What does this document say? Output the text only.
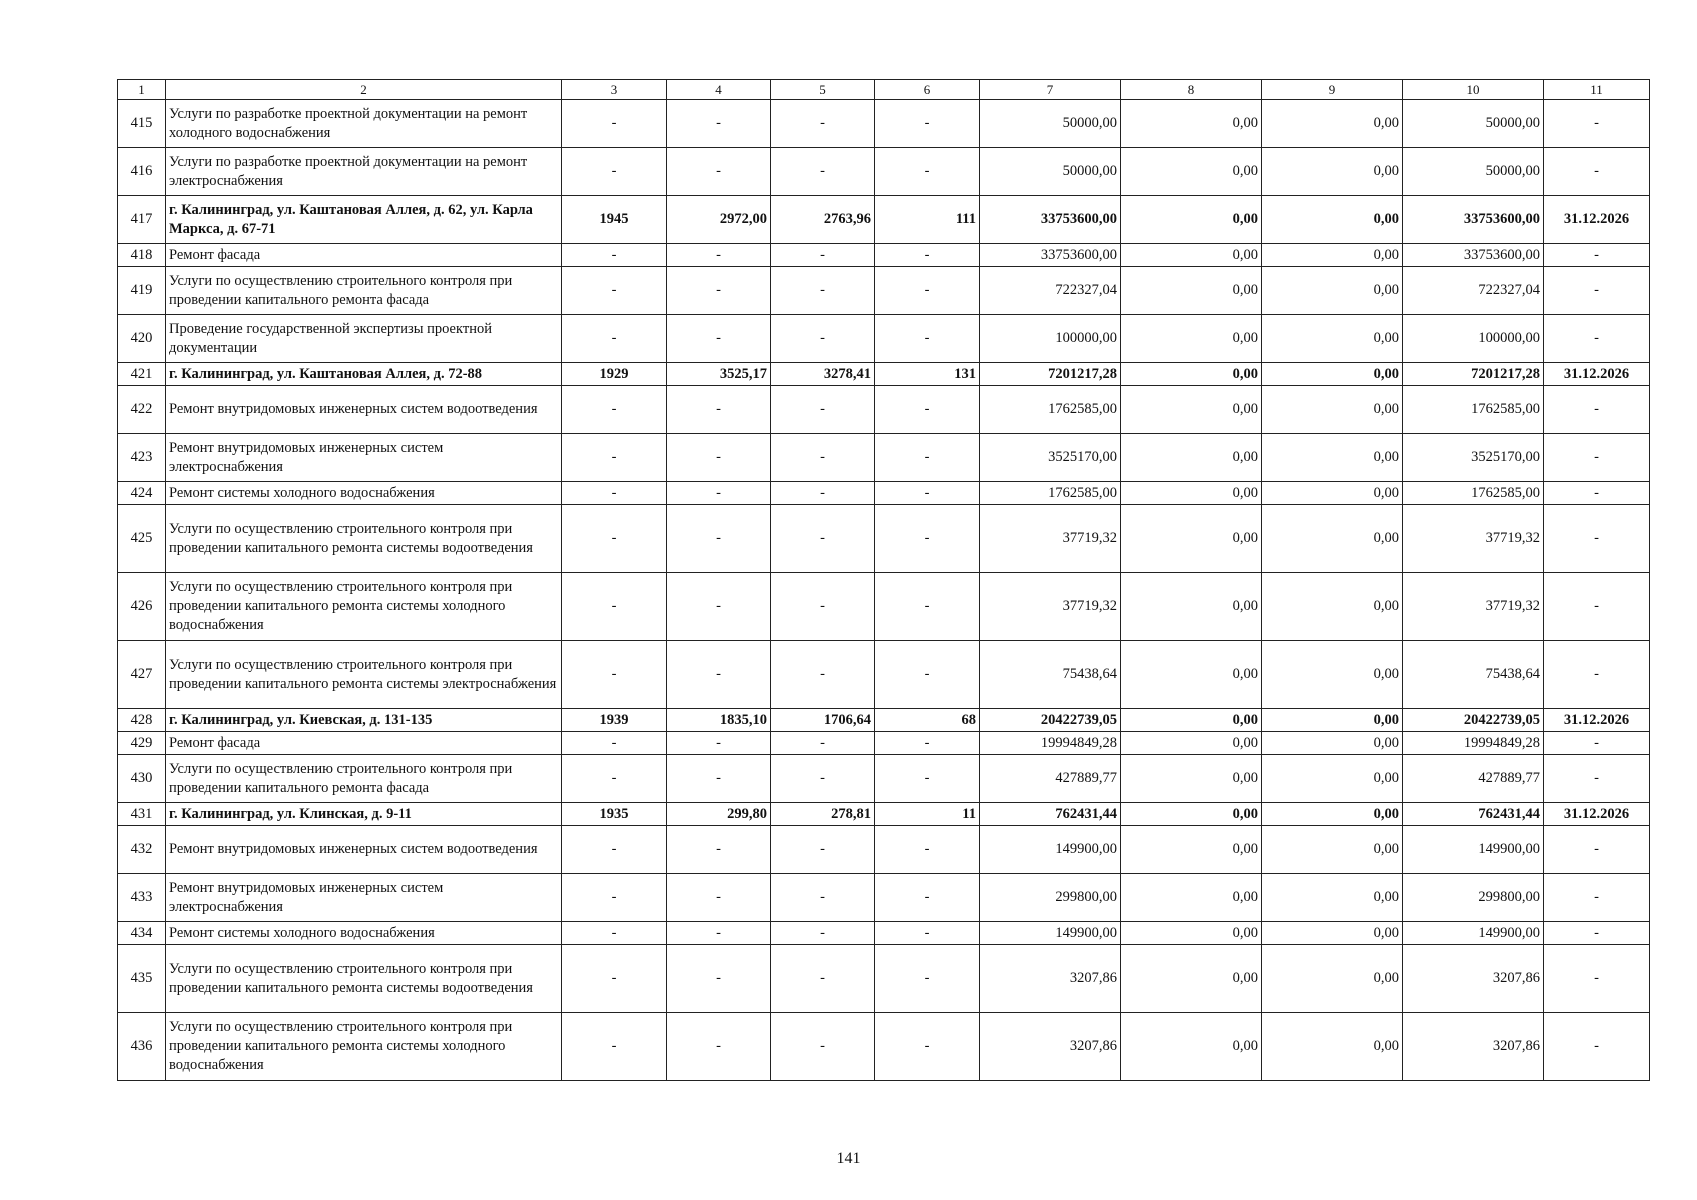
1	2	3	4	5	6	7	8	9	10	11
415	Услуги по разработке проектной документации на ремонт холодного водоснабжения	-	-	-	-	50000,00	0,00	0,00	50000,00	-
416	Услуги по разработке проектной документации на ремонт электроснабжения	-	-	-	-	50000,00	0,00	0,00	50000,00	-
417	г. Калининград, ул. Каштановая Аллея, д. 62, ул. Карла Маркса, д. 67-71	1945	2972,00	2763,96	111	33753600,00	0,00	0,00	33753600,00	31.12.2026
418	Ремонт фасада	-	-	-	-	33753600,00	0,00	0,00	33753600,00	-
419	Услуги по осуществлению строительного контроля при проведении капитального ремонта фасада	-	-	-	-	722327,04	0,00	0,00	722327,04	-
420	Проведение государственной экспертизы проектной документации	-	-	-	-	100000,00	0,00	0,00	100000,00	-
421	г. Калининград, ул. Каштановая Аллея, д. 72-88	1929	3525,17	3278,41	131	7201217,28	0,00	0,00	7201217,28	31.12.2026
422	Ремонт внутридомовых инженерных систем водоотведения	-	-	-	-	1762585,00	0,00	0,00	1762585,00	-
423	Ремонт внутридомовых инженерных систем электроснабжения	-	-	-	-	3525170,00	0,00	0,00	3525170,00	-
424	Ремонт системы холодного водоснабжения	-	-	-	-	1762585,00	0,00	0,00	1762585,00	-
425	Услуги по осуществлению строительного контроля при проведении капитального ремонта системы водоотведения	-	-	-	-	37719,32	0,00	0,00	37719,32	-
426	Услуги по осуществлению строительного контроля при проведении капитального ремонта системы холодного водоснабжения	-	-	-	-	37719,32	0,00	0,00	37719,32	-
427	Услуги по осуществлению строительного контроля при проведении капитального ремонта системы электроснабжения	-	-	-	-	75438,64	0,00	0,00	75438,64	-
428	г. Калининград, ул. Киевская, д. 131-135	1939	1835,10	1706,64	68	20422739,05	0,00	0,00	20422739,05	31.12.2026
429	Ремонт фасада	-	-	-	-	19994849,28	0,00	0,00	19994849,28	-
430	Услуги по осуществлению строительного контроля при проведении капитального ремонта фасада	-	-	-	-	427889,77	0,00	0,00	427889,77	-
431	г. Калининград, ул. Клинская, д. 9-11	1935	299,80	278,81	11	762431,44	0,00	0,00	762431,44	31.12.2026
432	Ремонт внутридомовых инженерных систем водоотведения	-	-	-	-	149900,00	0,00	0,00	149900,00	-
433	Ремонт внутридомовых инженерных систем электроснабжения	-	-	-	-	299800,00	0,00	0,00	299800,00	-
434	Ремонт системы холодного водоснабжения	-	-	-	-	149900,00	0,00	0,00	149900,00	-
435	Услуги по осуществлению строительного контроля при проведении капитального ремонта системы водоотведения	-	-	-	-	3207,86	0,00	0,00	3207,86	-
436	Услуги по осуществлению строительного контроля при проведении капитального ремонта системы холодного водоснабжения	-	-	-	-	3207,86	0,00	0,00	3207,86	-
141
